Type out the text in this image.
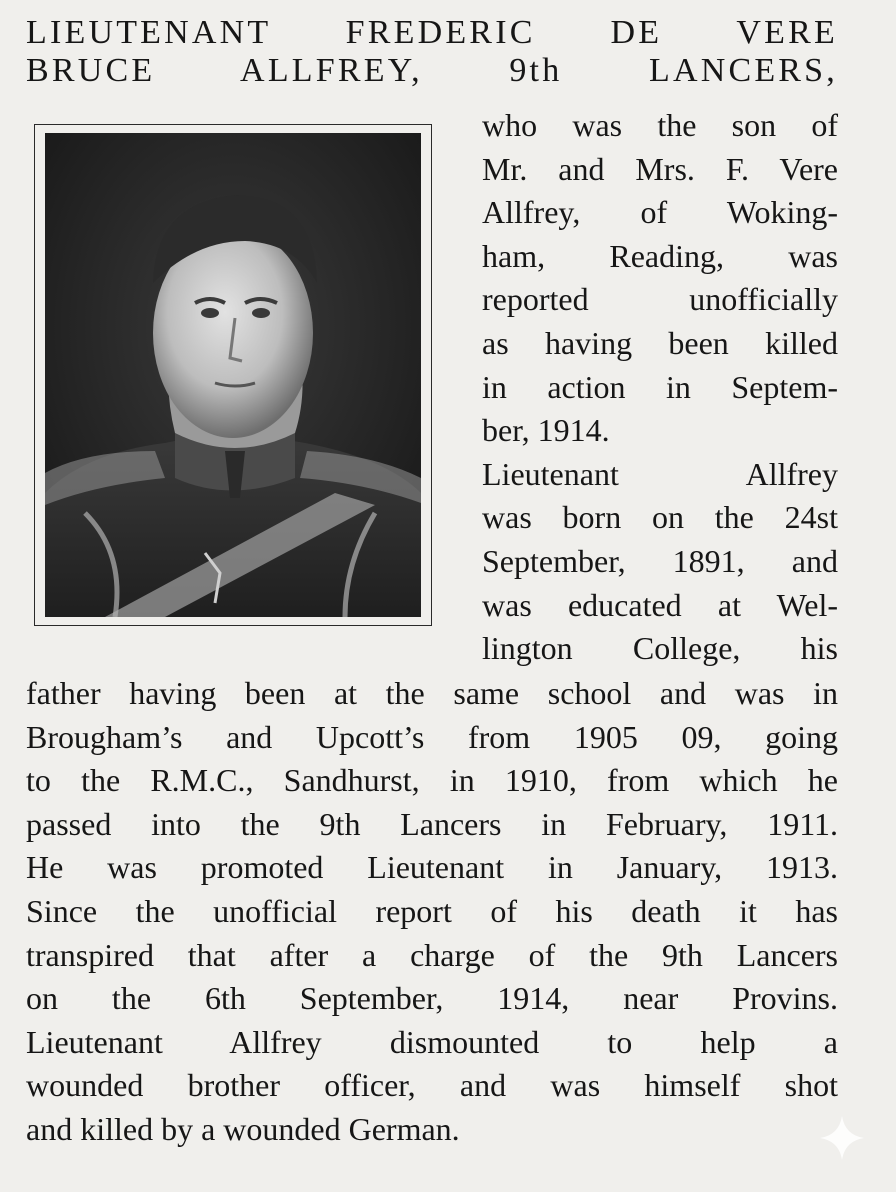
LIEUTENANT FREDERIC DE VERE
BRUCE ALLFREY, 9th LANCERS,
who was the son of
Mr. and Mrs. F. Vere
Allfrey, of Woking-
ham, Reading, was
reported unofficially
as having been killed
in action in Septem-
ber, 1914.
Lieutenant Allfrey
was born on the 24st
September, 1891, and
was educated at Wel-
lington College, his
father having been at the same school and was in
Brougham’s and Upcott’s from 1905 09, going
to the R.M.C., Sandhurst, in 1910, from which he
passed into the 9th Lancers in February, 1911.
He was promoted Lieutenant in January, 1913.
Since the unofficial report of his death it has
transpired that after a charge of the 9th Lancers
on the 6th September, 1914, near Provins.
Lieutenant Allfrey dismounted to help a
wounded brother officer, and was himself shot
and killed by a wounded German.
